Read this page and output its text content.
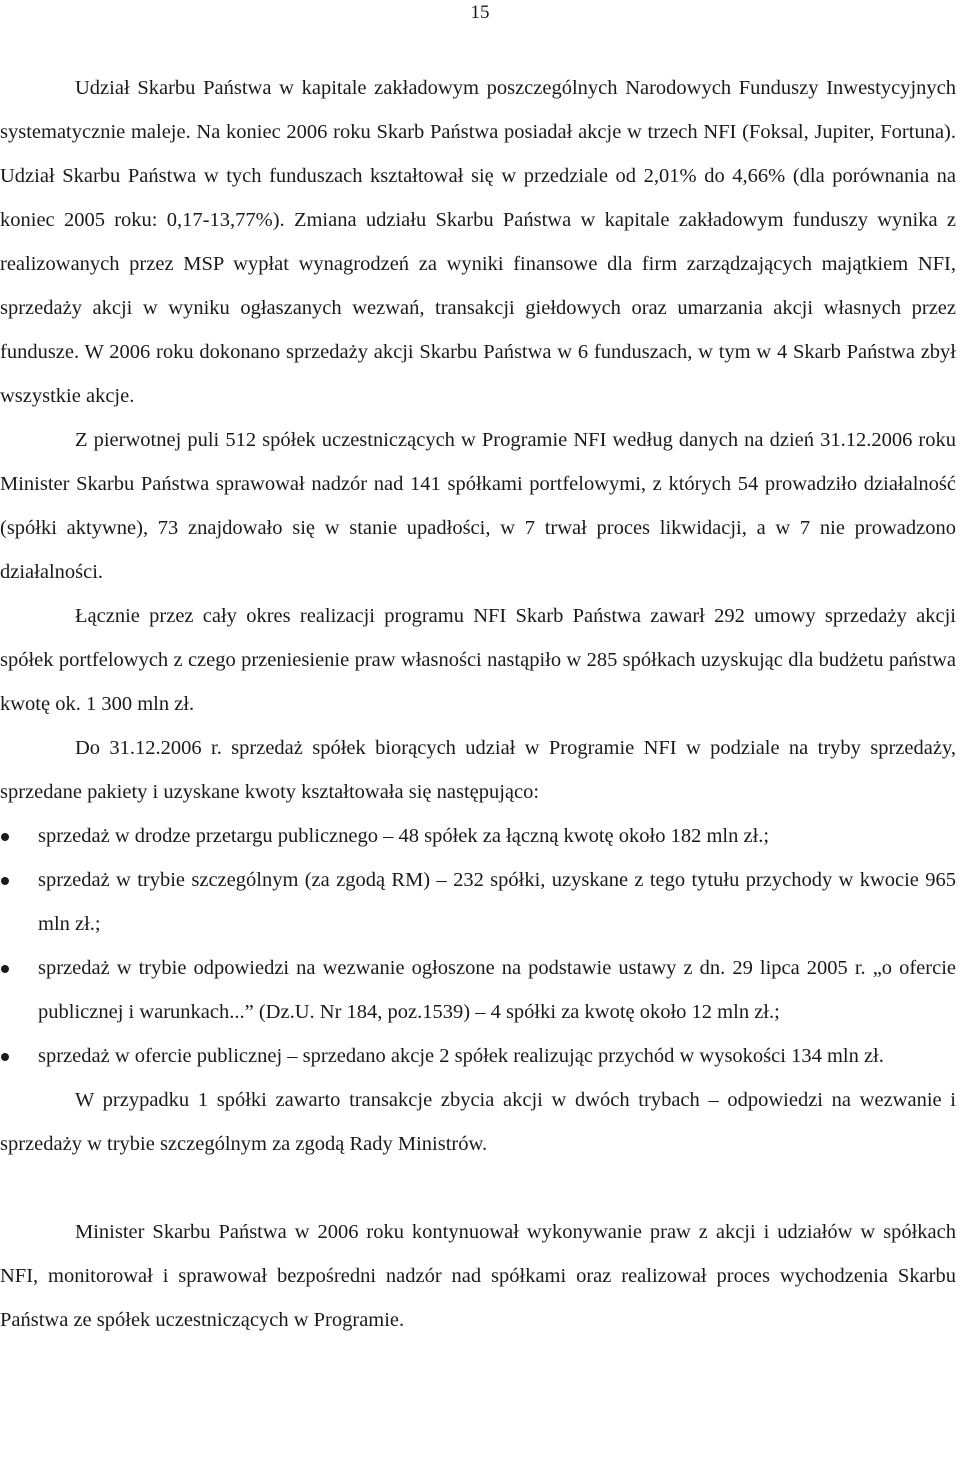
15

Udział Skarbu Państwa w kapitale zakładowym poszczególnych Narodowych Funduszy Inwestycyjnych systematycznie maleje. Na koniec 2006 roku Skarb Państwa posiadał akcje w trzech NFI (Foksal, Jupiter, Fortuna). Udział Skarbu Państwa w tych funduszach kształtował się w przedziale od 2,01% do 4,66% (dla porównania na koniec 2005 roku: 0,17-13,77%). Zmiana udziału Skarbu Państwa w kapitale zakładowym funduszy wynika z realizowanych przez MSP wypłat wynagrodzeń za wyniki finansowe dla firm zarządzających majątkiem NFI, sprzedaży akcji w wyniku ogłaszanych wezwań, transakcji giełdowych oraz umarzania akcji własnych przez fundusze. W 2006 roku dokonano sprzedaży akcji Skarbu Państwa w 6 funduszach, w tym w 4 Skarb Państwa zbył wszystkie akcje.

Z pierwotnej puli 512 spółek uczestniczących w Programie NFI według danych na dzień 31.12.2006 roku Minister Skarbu Państwa sprawował nadzór nad 141 spółkami portfelowymi, z których 54 prowadziło działalność (spółki aktywne), 73 znajdowało się w stanie upadłości, w 7 trwał proces likwidacji, a w 7 nie prowadzono działalności.

Łącznie przez cały okres realizacji programu NFI Skarb Państwa zawarł 292 umowy sprzedaży akcji spółek portfelowych z czego przeniesienie praw własności nastąpiło w 285 spółkach uzyskując dla budżetu państwa kwotę ok. 1 300 mln zł.

Do 31.12.2006 r. sprzedaż spółek biorących udział w Programie NFI w podziale na tryby sprzedaży, sprzedane pakiety i uzyskane kwoty kształtowała się następująco:

sprzedaż w drodze przetargu publicznego – 48 spółek za łączną kwotę około 182 mln zł.;
sprzedaż w trybie szczególnym (za zgodą RM) – 232 spółki, uzyskane z tego tytułu przychody w kwocie 965 mln zł.;
sprzedaż w trybie odpowiedzi na wezwanie ogłoszone na podstawie ustawy z dn. 29 lipca 2005 r. „o ofercie publicznej i warunkach...” (Dz.U. Nr 184, poz.1539) – 4 spółki za kwotę około 12 mln zł.;
sprzedaż w ofercie publicznej – sprzedano akcje 2 spółek realizując przychód w wysokości 134 mln zł.

W przypadku 1 spółki zawarto transakcje zbycia akcji w dwóch trybach – odpowiedzi na wezwanie i sprzedaży w trybie szczególnym za zgodą Rady Ministrów.

Minister Skarbu Państwa w 2006 roku kontynuował wykonywanie praw z akcji i udziałów w spółkach NFI, monitorował i sprawował bezpośredni nadzór nad spółkami oraz realizował proces wychodzenia Skarbu Państwa ze spółek uczestniczących w Programie.
